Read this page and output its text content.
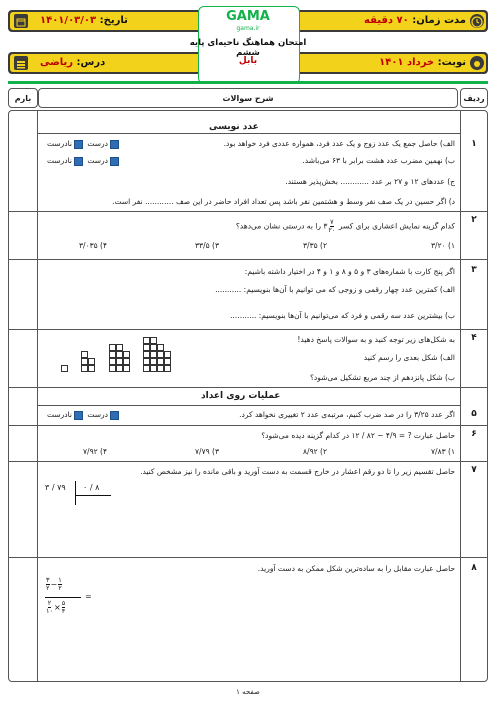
مدت زمان: ۷۰ دقیقه
تاریخ: ۱۴۰۱/۰۳/۰۳
نوبت: خرداد ۱۴۰۱
درس: ریاضی
GAMA
gama.ir
امتحان هماهنگ ناحیه‌ای پایه ششم
بابل
ردیف
شرح سوالات
بارم
عدد نویسی
۱
الف) حاصل جمع یک عدد زوج و یک عدد فرد، همواره عددی فرد خواهد بود.
درست نادرست
ب) نهمین مضرب عدد هشت برابر با ۶۳ می‌باشد.
درست نادرست
ج) عددهای ۱۲ و ۲۷ بر عدد ............ بخش‌پذیر هستند.
د) اگر حسین در یک صف نفر وسط و هشتمین نفر باشد پس تعداد افراد حاضر در این صف ............ نفر است.
۲
کدام گزینه نمایش اعشاری برای کسر
$\frac{۷}{۲۰}$
۳ را به درستی نشان می‌دهد؟
۱) ۳/۲۰
۲) ۳/۳۵
۳) ۳۳/۵
۴) ۳/۰۳۵
۳
اگر پنج کارت با شماره‌های ۳ و ۵ و ۸ و ۱ و ۴ در اختیار داشته باشیم:
الف) کمترین عدد چهار رقمی و زوجی که می توانیم با آن‌ها بنویسیم: ...........
ب) بیشترین عدد سه رقمی و فرد که می‌توانیم با آن‌ها بنویسیم: ...........
۴
به شکل‌های زیر توجه کنید و به سوالات پاسخ دهید!
الف) شکل بعدی را رسم کنید
ب) شکل پانزدهم از چند مربع تشکیل می‌شود؟
عملیات روی اعداد
۵
اگر عدد ۳/۲۵ را در صد ضرب کنیم، مرتبه‌ی عدد ۲ تغییری نخواهد کرد.
درست نادرست
۶
حاصل عبارت ? = ۴/۹ − ۸۲ / ۱۲ در کدام گزینه دیده می‌شود؟
۱) ۷/۸۳
۲) ۸/۹۲
۳) ۷/۷۹
۴) ۷/۹۲
۷
حاصل تقسیم زیر را تا دو رقم اعشار در خارج قسمت به دست آورید و باقی مانده را نیز مشخص کنید.
۳ / ۷۹ ۰ / ۸
۸
حاصل عبارت مقابل را به ساده‌ترین شکل ممکن به دست آورید.
$\frac{۳}{۲} - \frac{۱}{۲}$
=
$\frac{۲}{۱۰} \times \frac{۵}{۴}$
صفحه ۱
